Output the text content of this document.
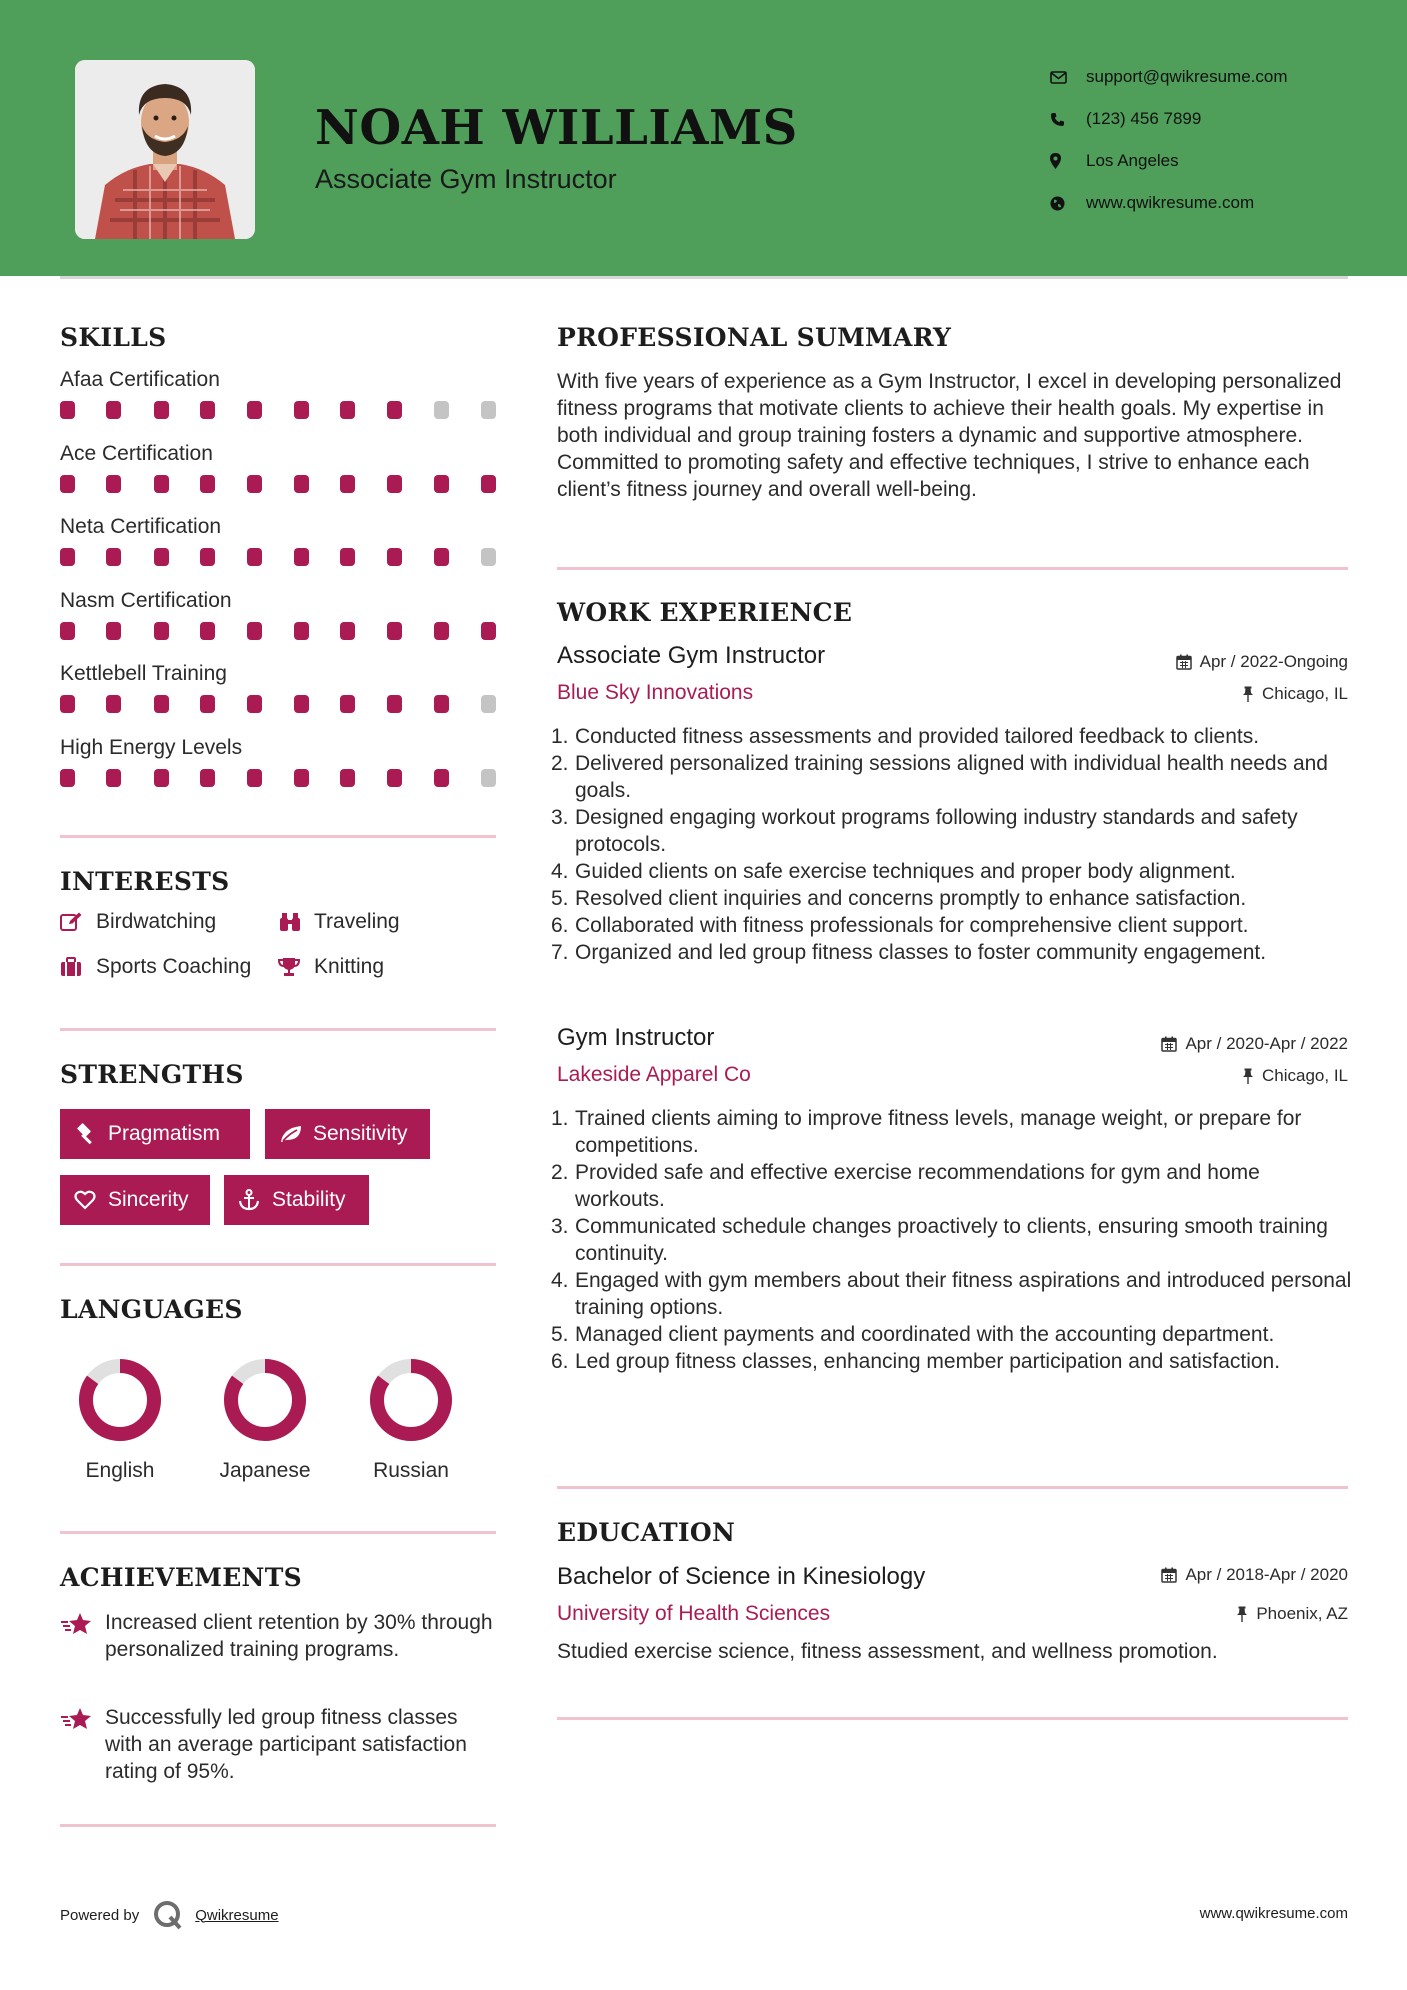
NOAH WILLIAMS
Associate Gym Instructor
support@qwikresume.com
(123) 456 7899
Los Angeles
www.qwikresume.com
SKILLS
Afaa Certification
Ace Certification
Neta Certification
Nasm Certification
Kettlebell Training
High Energy Levels
INTERESTS
Birdwatching	Traveling
Sports Coaching	Knitting
STRENGTHS
Pragmatism	Sensitivity
Sincerity	Stability
LANGUAGES
English	Japanese	Russian
ACHIEVEMENTS
Increased client retention by 30% through personalized training programs.
Successfully led group fitness classes with an average participant satisfaction rating of 95%.
PROFESSIONAL SUMMARY
With five years of experience as a Gym Instructor, I excel in developing personalized fitness programs that motivate clients to achieve their health goals. My expertise in both individual and group training fosters a dynamic and supportive atmosphere. Committed to promoting safety and effective techniques, I strive to enhance each client’s fitness journey and overall well-being.
WORK EXPERIENCE
Associate Gym Instructor	Apr / 2022-Ongoing
Blue Sky Innovations	Chicago, IL
1. Conducted fitness assessments and provided tailored feedback to clients.
2. Delivered personalized training sessions aligned with individual health needs and goals.
3. Designed engaging workout programs following industry standards and safety protocols.
4. Guided clients on safe exercise techniques and proper body alignment.
5. Resolved client inquiries and concerns promptly to enhance satisfaction.
6. Collaborated with fitness professionals for comprehensive client support.
7. Organized and led group fitness classes to foster community engagement.
Gym Instructor	Apr / 2020-Apr / 2022
Lakeside Apparel Co	Chicago, IL
1. Trained clients aiming to improve fitness levels, manage weight, or prepare for competitions.
2. Provided safe and effective exercise recommendations for gym and home workouts.
3. Communicated schedule changes proactively to clients, ensuring smooth training continuity.
4. Engaged with gym members about their fitness aspirations and introduced personal training options.
5. Managed client payments and coordinated with the accounting department.
6. Led group fitness classes, enhancing member participation and satisfaction.
EDUCATION
Bachelor of Science in Kinesiology	Apr / 2018-Apr / 2020
University of Health Sciences	Phoenix, AZ
Studied exercise science, fitness assessment, and wellness promotion.
Powered by	Qwikresume	www.qwikresume.com
